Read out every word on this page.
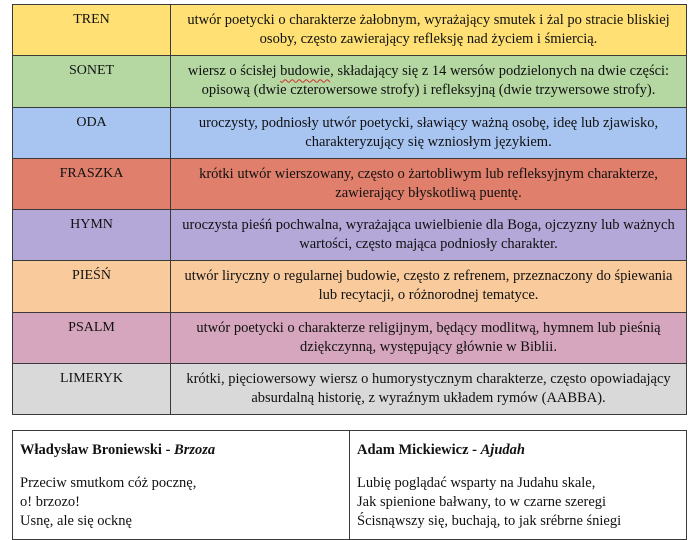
TREN	utwór poetycki o charakterze żałobnym, wyrażający smutek i żal po stracie bliskiej osoby, często zawierający refleksję nad życiem i śmiercią.
SONET	wiersz o ścisłej budowie, składający się z 14 wersów podzielonych na dwie części: opisową (dwie czterowersowe strofy) i refleksyjną (dwie trzywersowe strofy).
ODA	uroczysty, podniosły utwór poetycki, sławiący ważną osobę, ideę lub zjawisko, charakteryzujący się wzniosłym językiem.
FRASZKA	krótki utwór wierszowany, często o żartobliwym lub refleksyjnym charakterze, zawierający błyskotliwą puentę.
HYMN	uroczysta pieśń pochwalna, wyrażająca uwielbienie dla Boga, ojczyzny lub ważnych wartości, często mająca podniosły charakter.
PIEŚŃ	utwór liryczny o regularnej budowie, często z refrenem, przeznaczony do śpiewania lub recytacji, o różnorodnej tematyce.
PSALM	utwór poetycki o charakterze religijnym, będący modlitwą, hymnem lub pieśnią dziękczynną, występujący głównie w Biblii.
LIMERYK	krótki, pięciowersowy wiersz o humorystycznym charakterze, często opowiadający absurdalną historię, z wyraźnym układem rymów (AABBA).

Władysław Broniewski - Brzoza

Przeciw smutkom cóż pocznę,

o! brzozo!

Usnę, ale się ocknę

Adam Mickiewicz - Ajudah

Lubię poglądać wsparty na Judahu skale,

Jak spienione bałwany, to w czarne szeregi

Ścisnąwszy się, buchają, to jak srébrne śniegi
